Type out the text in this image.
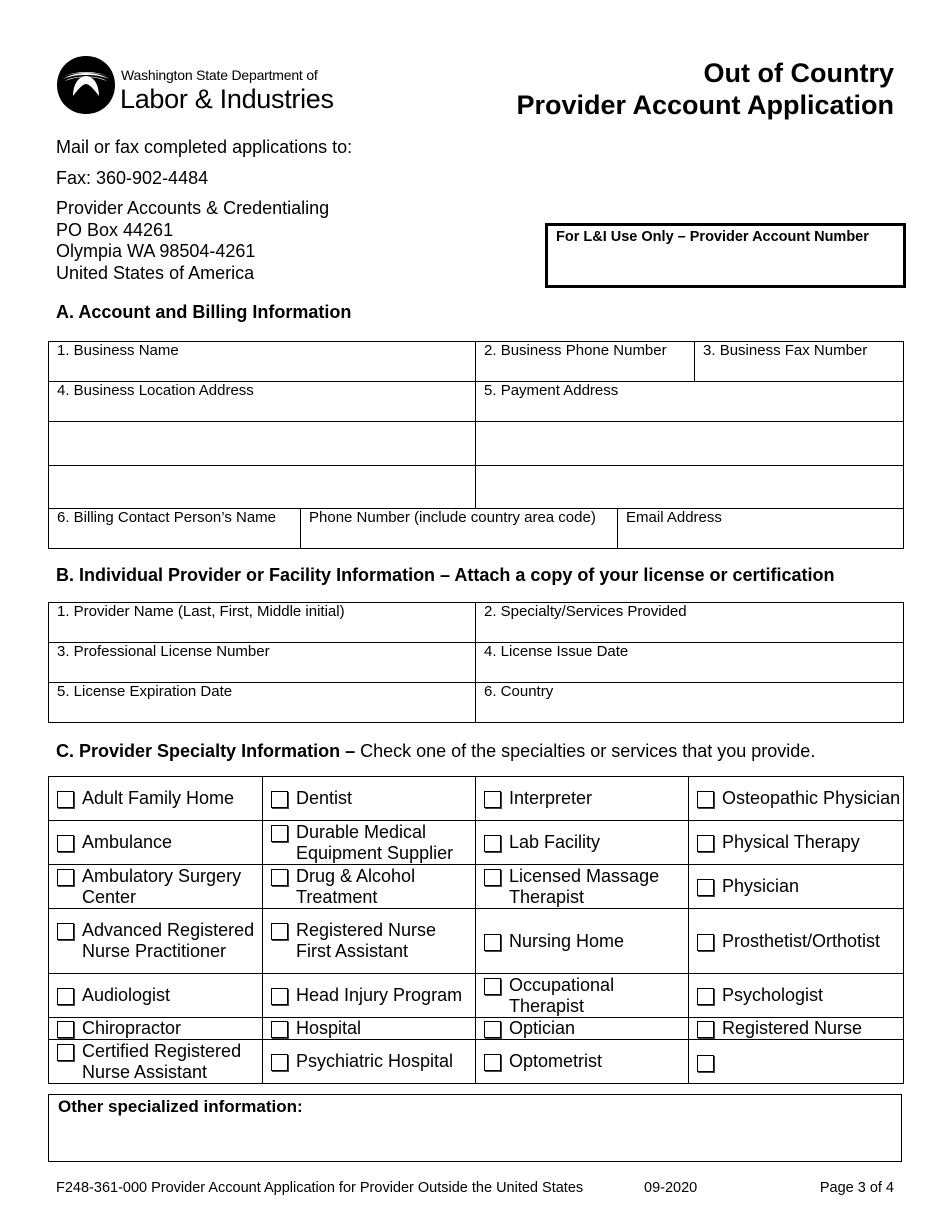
Washington State Department of
Labor & Industries
Out of Country
Provider Account Application
Mail or fax completed applications to:
Fax: 360-902-4484
Provider Accounts & Credentialing
PO Box 44261
Olympia WA 98504-4261
United States of America
For L&I Use Only – Provider Account Number
A. Account and Billing Information
1. Business Name		2. Business Phone Number		3. Business Fax Number

4. Business Location Address		5. Payment Address		

6. Billing Contact Person’s Name	Phone Number (include country area code)		Email Address	
B. Individual Provider or Facility Information – Attach a copy of your license or certification
1. Provider Name (Last, First, Middle initial)	2. Specialty/Services Provided

3. Professional License Number	4. License Issue Date

5. License Expiration Date	6. Country
C. Provider Specialty Information – Check one of the specialties or services that you provide.
Adult Family Home	Dentist	Interpreter	Osteopathic Physician

Ambulance	Durable Medical Equipment Supplier	Lab Facility	Physical Therapy

Ambulatory Surgery Center	Drug & Alcohol Treatment	Licensed Massage Therapist	Physician

Advanced Registered Nurse Practitioner	Registered Nurse First Assistant	Nursing Home	Prosthetist/Orthotist

Audiologist	Head Injury Program	Occupational Therapist	Psychologist

Chiropractor	Hospital	Optician	Registered Nurse

Certified Registered Nurse Assistant	Psychiatric Hospital	Optometrist	

Other specialized information:
F248-361-000 Provider Account Application for Provider Outside the United States	09-2020	Page 3 of 4
